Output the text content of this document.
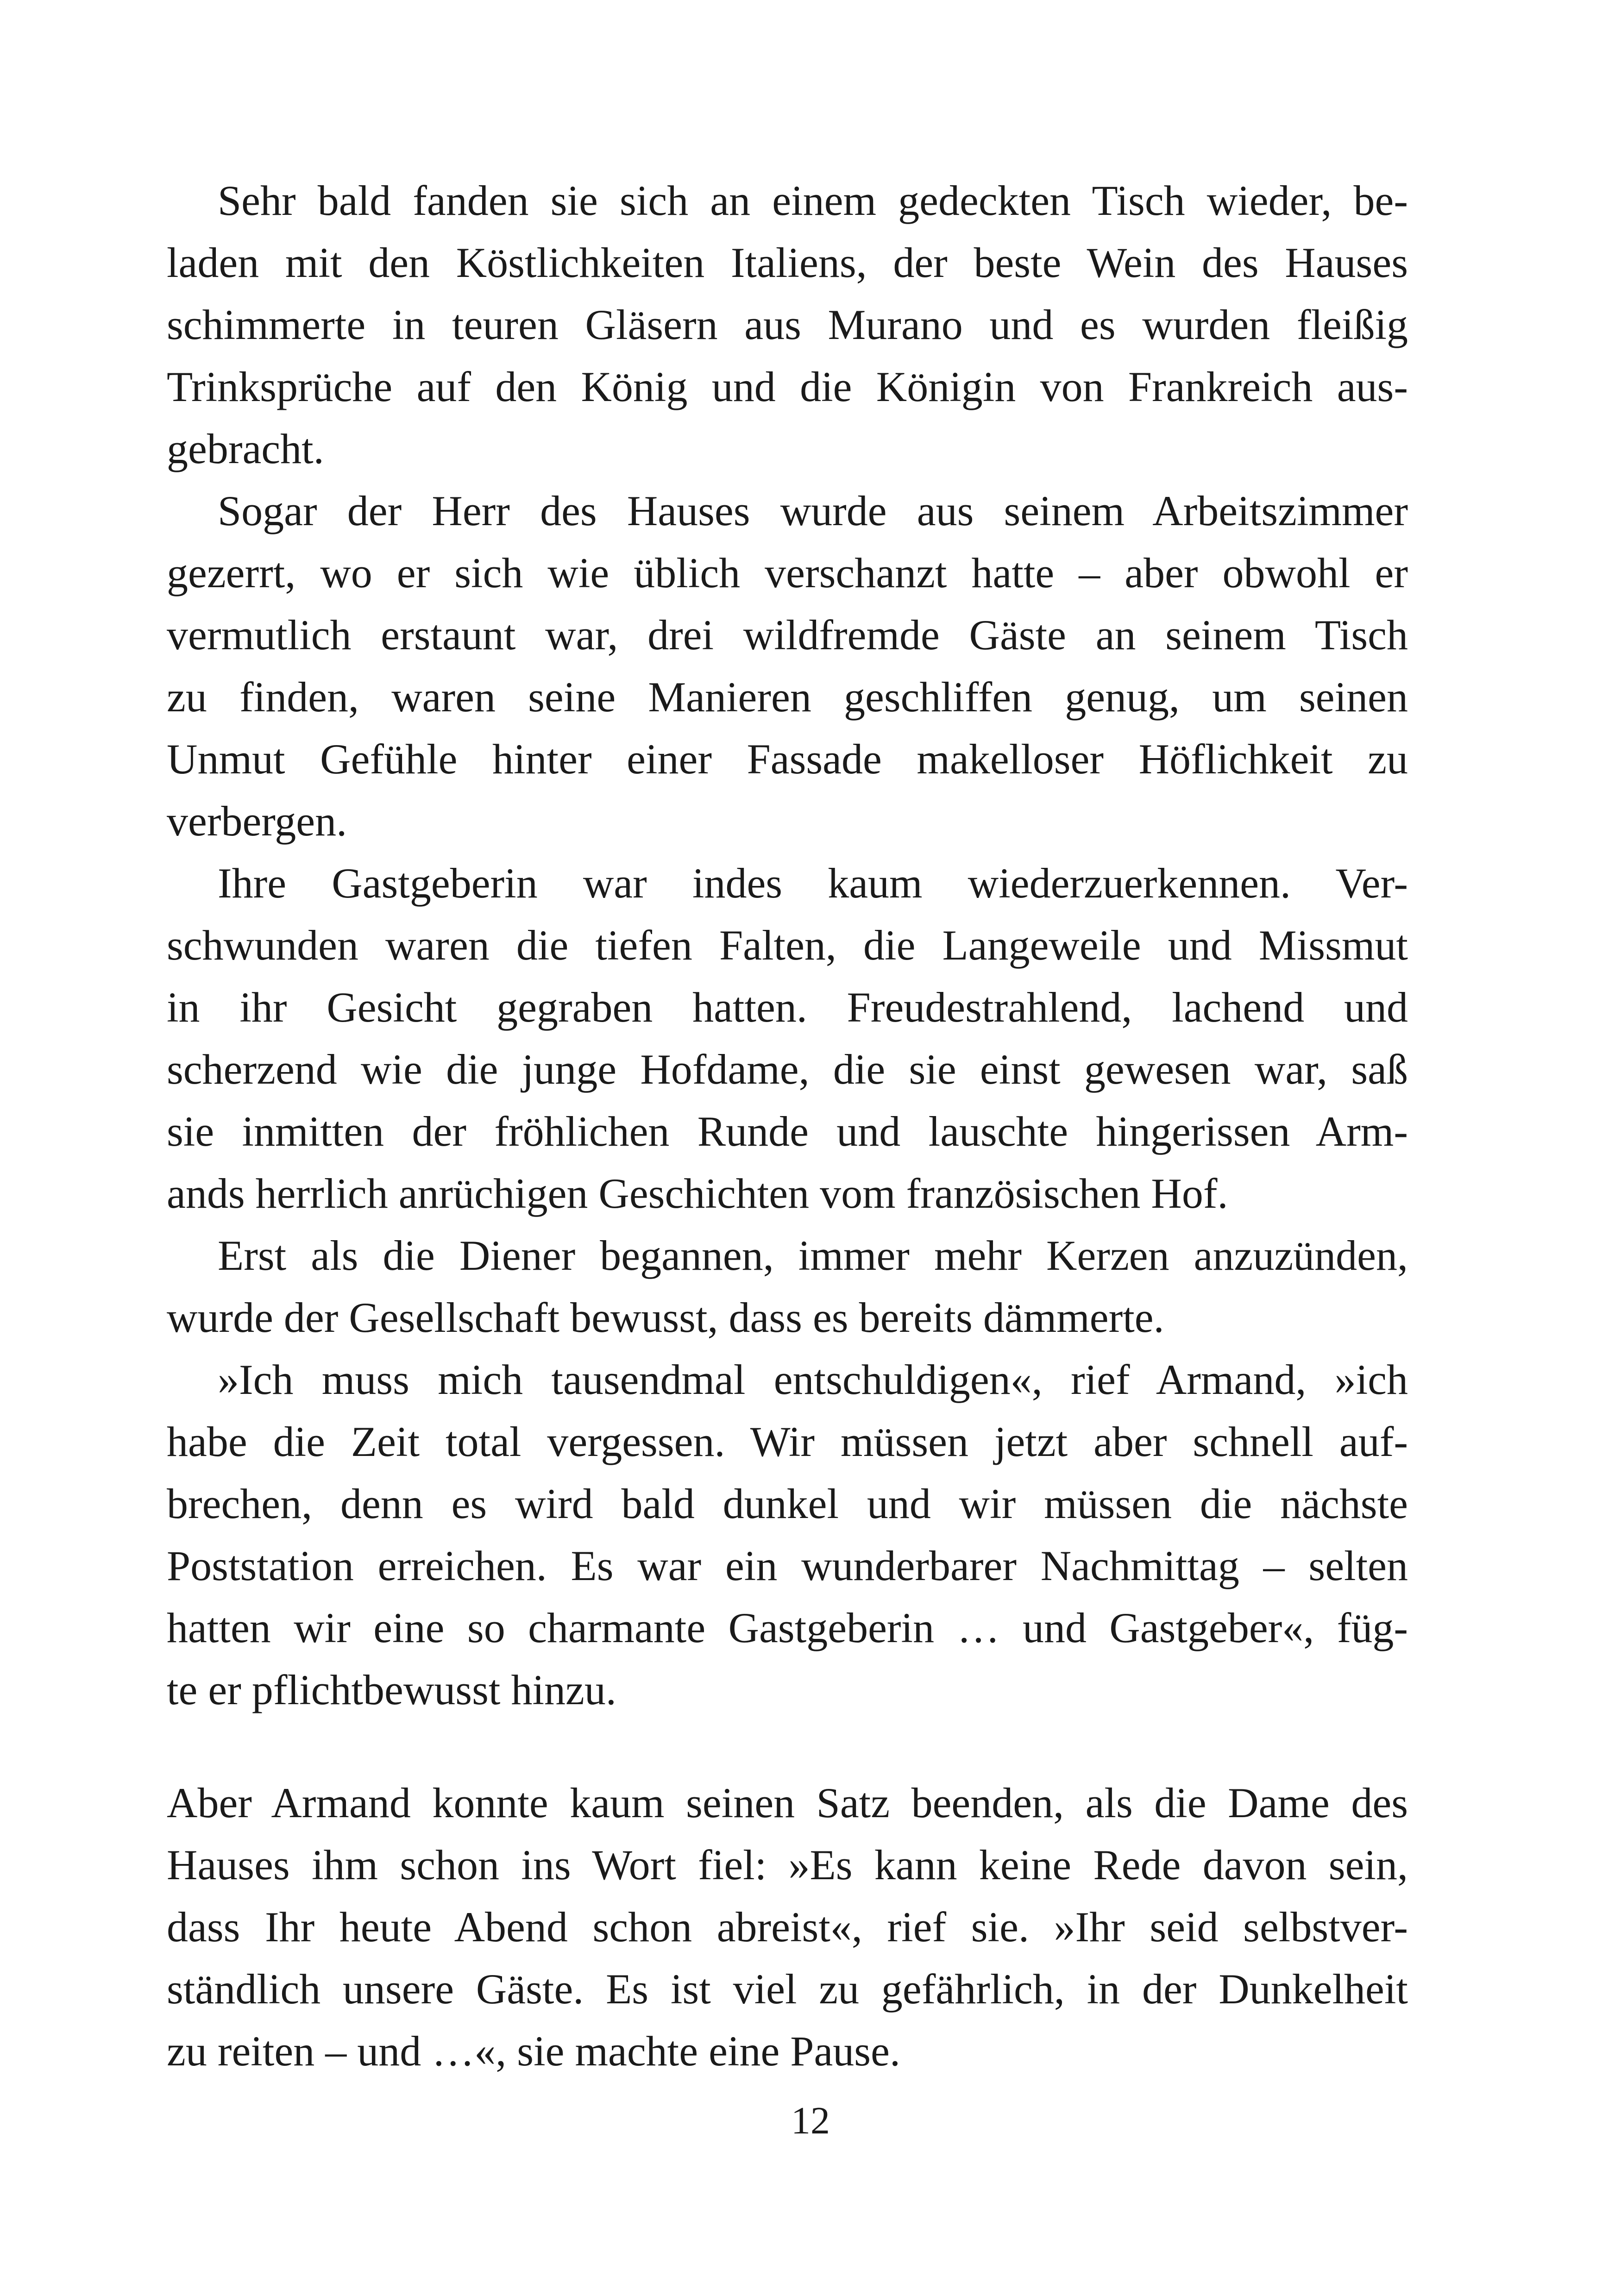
Sehr bald fanden sie sich an einem gedeckten Tisch wieder, be-
laden mit den Köstlichkeiten Italiens, der beste Wein des Hauses
schimmerte in teuren Gläsern aus Murano und es wurden fleißig
Trinksprüche auf den König und die Königin von Frankreich aus-
gebracht.
Sogar der Herr des Hauses wurde aus seinem Arbeitszimmer
gezerrt, wo er sich wie üblich verschanzt hatte – aber obwohl er
vermutlich erstaunt war, drei wildfremde Gäste an seinem Tisch
zu finden, waren seine Manieren geschliffen genug, um seinen
Unmut Gefühle hinter einer Fassade makelloser Höflichkeit zu
verbergen.
Ihre Gastgeberin war indes kaum wiederzuerkennen. Ver-
schwunden waren die tiefen Falten, die Langeweile und Missmut
in ihr Gesicht gegraben hatten. Freudestrahlend, lachend und
scherzend wie die junge Hofdame, die sie einst gewesen war, saß
sie inmitten der fröhlichen Runde und lauschte hingerissen Arm-
ands herrlich anrüchigen Geschichten vom französischen Hof.
Erst als die Diener begannen, immer mehr Kerzen anzuzünden,
wurde der Gesellschaft bewusst, dass es bereits dämmerte.
»Ich muss mich tausendmal entschuldigen«, rief Armand, »ich
habe die Zeit total vergessen. Wir müssen jetzt aber schnell auf-
brechen, denn es wird bald dunkel und wir müssen die nächste
Poststation erreichen. Es war ein wunderbarer Nachmittag – selten
hatten wir eine so charmante Gastgeberin … und Gastgeber«, füg-
te er pflichtbewusst hinzu.
Aber Armand konnte kaum seinen Satz beenden, als die Dame des
Hauses ihm schon ins Wort fiel: »Es kann keine Rede davon sein,
dass Ihr heute Abend schon abreist«, rief sie. »Ihr seid selbstver-
ständlich unsere Gäste. Es ist viel zu gefährlich, in der Dunkelheit
zu reiten – und …«, sie machte eine Pause.
12
